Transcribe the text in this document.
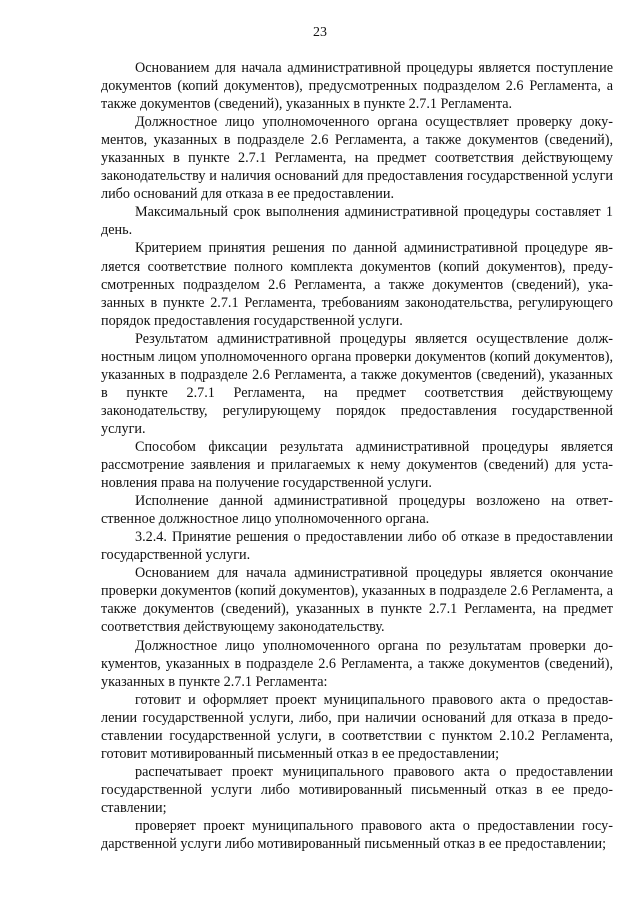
23

Основанием для начала административной процедуры является поступление документов (копий документов), предусмотренных подразделом 2.6 Регламента, а также документов (сведений), указанных в пункте 2.7.1 Регламента.

Должностное лицо уполномоченного органа осуществляет проверку документов, указанных в подразделе 2.6 Регламента, а также документов (сведений), указанных в пункте 2.7.1 Регламента, на предмет соответствия действующему законодательству и наличия оснований для предоставления государственной услуги либо оснований для отказа в ее предоставлении.

Максимальный срок выполнения административной процедуры составляет 1 день.

Критерием принятия решения по данной административной процедуре является соответствие полного комплекта документов (копий документов), предусмотренных подразделом 2.6 Регламента, а также документов (сведений), указанных в пункте 2.7.1 Регламента, требованиям законодательства, регулирующего порядок предоставления государственной услуги.

Результатом административной процедуры является осуществление должностным лицом уполномоченного органа проверки документов (копий документов), указанных в подразделе 2.6 Регламента, а также документов (сведений), указанных в пункте 2.7.1 Регламента, на предмет соответствия действующему законодательству, регулирующему порядок предоставления государственной услуги.

Способом фиксации результата административной процедуры является рассмотрение заявления и прилагаемых к нему документов (сведений) для установления права на получение государственной услуги.

Исполнение данной административной процедуры возложено на ответственное должностное лицо уполномоченного органа.

3.2.4. Принятие решения о предоставлении либо об отказе в предоставлении государственной услуги.

Основанием для начала административной процедуры является окончание проверки документов (копий документов), указанных в подразделе 2.6 Регламента, а также документов (сведений), указанных в пункте 2.7.1 Регламента, на предмет соответствия действующему законодательству.

Должностное лицо уполномоченного органа по результатам проверки документов, указанных в подразделе 2.6 Регламента, а также документов (сведений), указанных в пункте 2.7.1 Регламента:

готовит и оформляет проект муниципального правового акта о предоставлении государственной услуги, либо, при наличии оснований для отказа в предоставлении государственной услуги, в соответствии с пунктом 2.10.2 Регламента, готовит мотивированный письменный отказ в ее предоставлении;

распечатывает проект муниципального правового акта о предоставлении государственной услуги либо мотивированный письменный отказ в ее предоставлении;

проверяет проект муниципального правового акта о предоставлении государственной услуги либо мотивированный письменный отказ в ее предоставлении;
